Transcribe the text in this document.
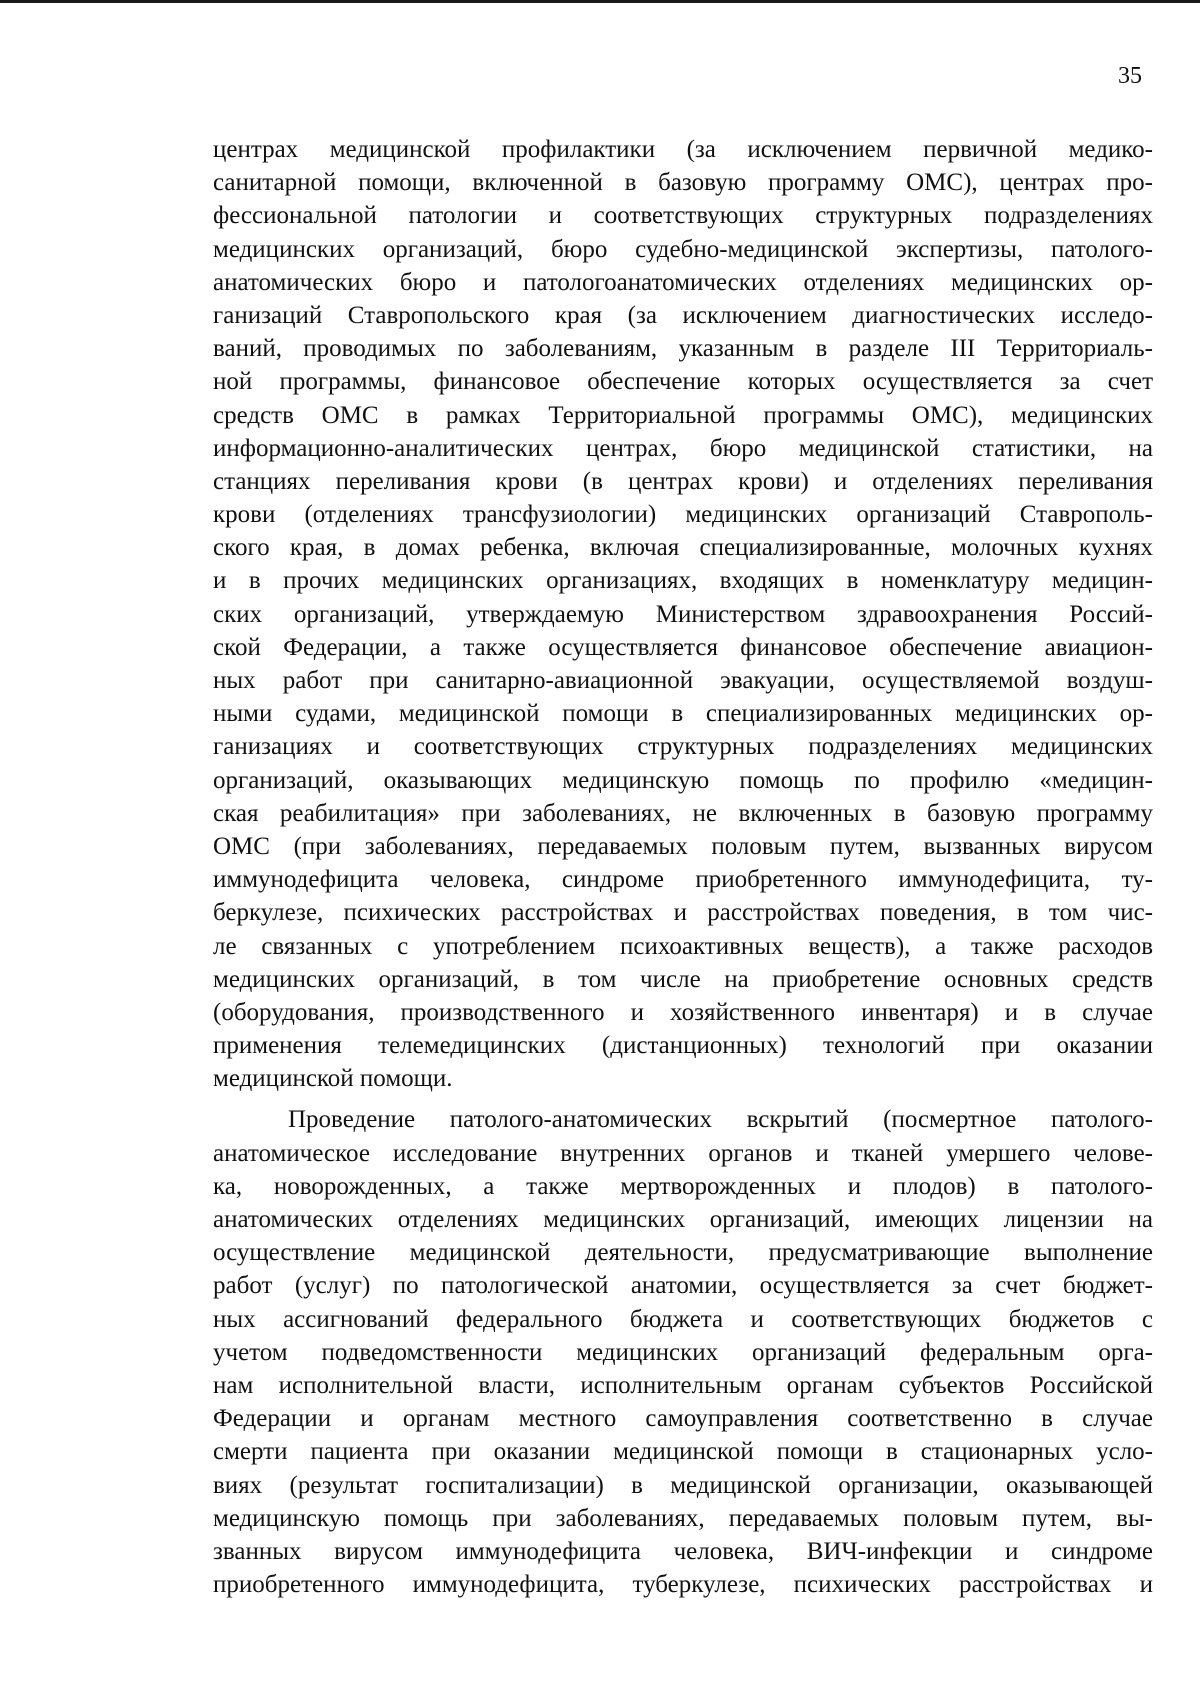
35
центрах медицинской профилактики (за исключением первичной медико-
санитарной помощи, включенной в базовую программу ОМС), центрах про-
фессиональной патологии и соответствующих структурных подразделениях
медицинских организаций, бюро судебно-медицинской экспертизы, патолого-
анатомических бюро и патологоанатомических отделениях медицинских ор-
ганизаций Ставропольского края (за исключением диагностических исследо-
ваний, проводимых по заболеваниям, указанным в разделе III Территориаль-
ной программы, финансовое обеспечение которых осуществляется за счет
средств ОМС в рамках Территориальной программы ОМС), медицинских
информационно-аналитических центрах, бюро медицинской статистики, на
станциях переливания крови (в центрах крови) и отделениях переливания
крови (отделениях трансфузиологии) медицинских организаций Ставрополь-
ского края, в домах ребенка, включая специализированные, молочных кухнях
и в прочих медицинских организациях, входящих в номенклатуру медицин-
ских организаций, утверждаемую Министерством здравоохранения Россий-
ской Федерации, а также осуществляется финансовое обеспечение авиацион-
ных работ при санитарно-авиационной эвакуации, осуществляемой воздуш-
ными судами, медицинской помощи в специализированных медицинских ор-
ганизациях и соответствующих структурных подразделениях медицинских
организаций, оказывающих медицинскую помощь по профилю «медицин-
ская реабилитация» при заболеваниях, не включенных в базовую программу
ОМС (при заболеваниях, передаваемых половым путем, вызванных вирусом
иммунодефицита человека, синдроме приобретенного иммунодефицита, ту-
беркулезе, психических расстройствах и расстройствах поведения, в том чис-
ле связанных с употреблением психоактивных веществ), а также расходов
медицинских организаций, в том числе на приобретение основных средств
(оборудования, производственного и хозяйственного инвентаря) и в случае
применения телемедицинских (дистанционных) технологий при оказании
медицинской помощи.
Проведение патолого-анатомических вскрытий (посмертное патолого-
анатомическое исследование внутренних органов и тканей умершего челове-
ка, новорожденных, а также мертворожденных и плодов) в патолого-
анатомических отделениях медицинских организаций, имеющих лицензии на
осуществление медицинской деятельности, предусматривающие выполнение
работ (услуг) по патологической анатомии, осуществляется за счет бюджет-
ных ассигнований федерального бюджета и соответствующих бюджетов с
учетом подведомственности медицинских организаций федеральным орга-
нам исполнительной власти, исполнительным органам субъектов Российской
Федерации и органам местного самоуправления соответственно в случае
смерти пациента при оказании медицинской помощи в стационарных усло-
виях (результат госпитализации) в медицинской организации, оказывающей
медицинскую помощь при заболеваниях, передаваемых половым путем, вы-
званных вирусом иммунодефицита человека, ВИЧ-инфекции и синдроме
приобретенного иммунодефицита, туберкулезе, психических расстройствах и
